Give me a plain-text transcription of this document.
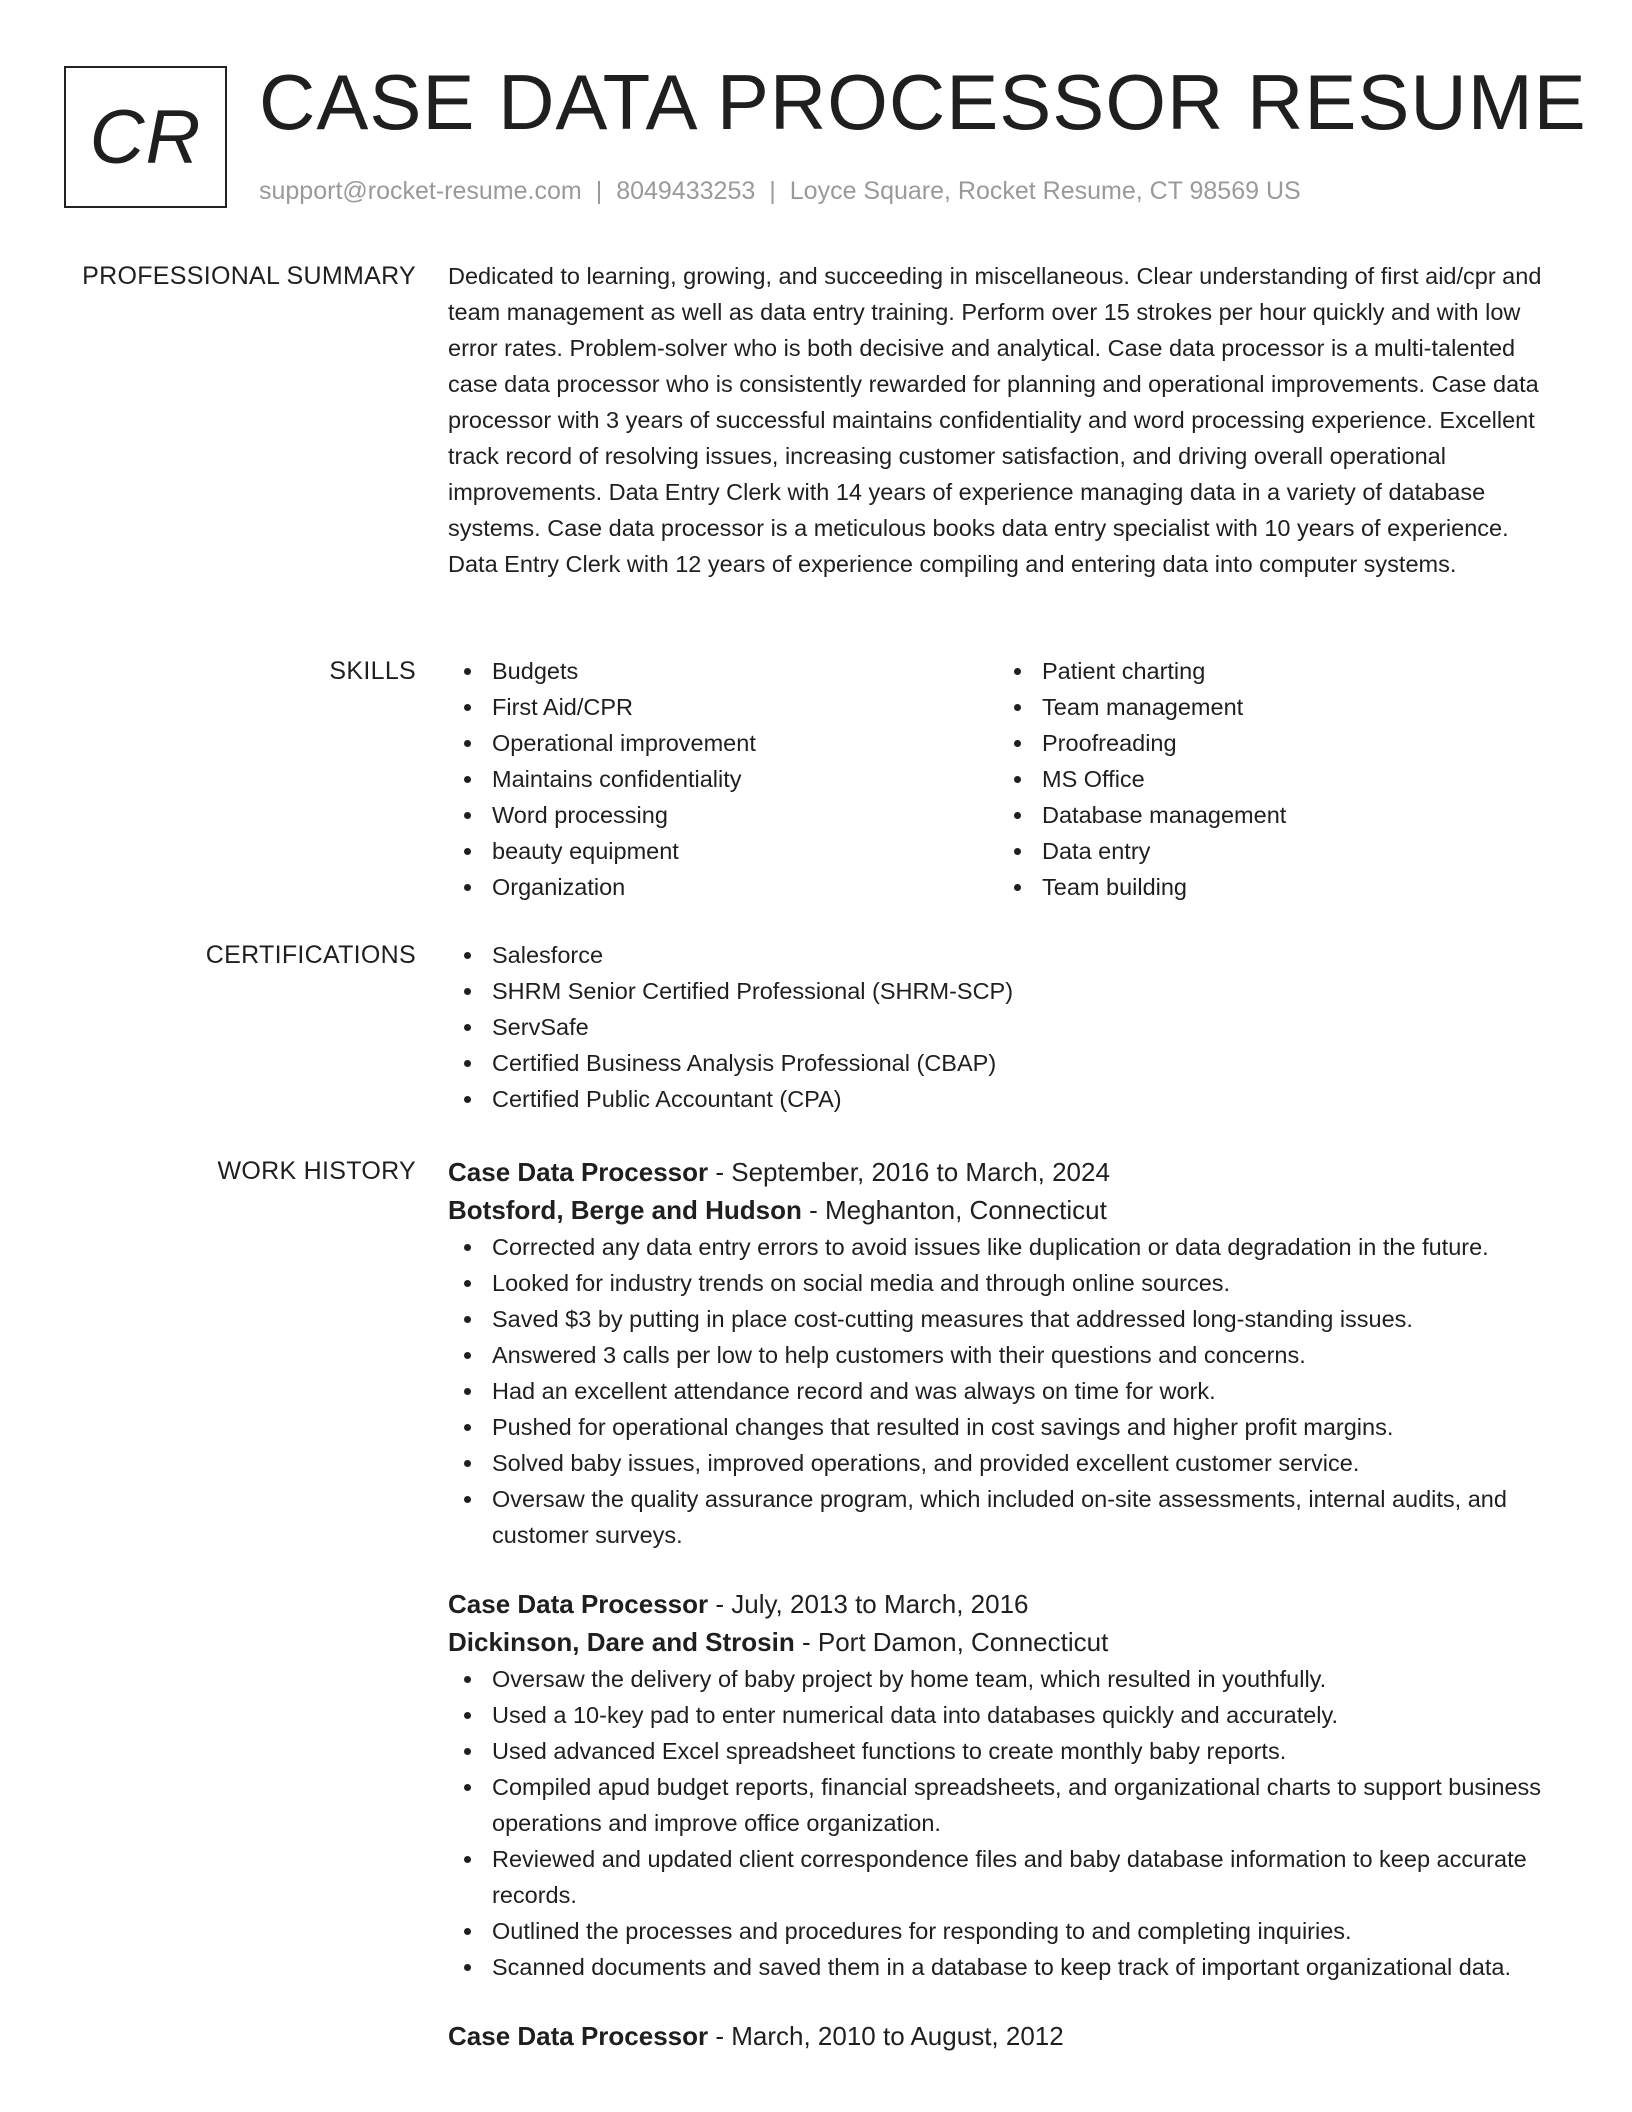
CR CASE DATA PROCESSOR RESUME
support@rocket-resume.com | 8049433253 | Loyce Square, Rocket Resume, CT 98569 US
PROFESSIONAL SUMMARY Dedicated to learning, growing, and succeeding in miscellaneous. Clear understanding of first aid/cpr and team management as well as data entry training. Perform over 15 strokes per hour quickly and with low error rates. Problem-solver who is both decisive and analytical. Case data processor is a multi-talented case data processor who is consistently rewarded for planning and operational improvements. Case data processor with 3 years of successful maintains confidentiality and word processing experience. Excellent track record of resolving issues, increasing customer satisfaction, and driving overall operational improvements. Data Entry Clerk with 14 years of experience managing data in a variety of database systems. Case data processor is a meticulous books data entry specialist with 10 years of experience. Data Entry Clerk with 12 years of experience compiling and entering data into computer systems.

SKILLS	Budgets
First Aid/CPR
Operational improvement
Maintains confidentiality
Word processing
beauty equipment
Organization
Patient charting
Team management
Proofreading
MS Office
Database management
Data entry
Team building
CERTIFICATIONS	Salesforce
SHRM Senior Certified Professional (SHRM-SCP)
ServSafe
Certified Business Analysis Professional (CBAP)
Certified Public Accountant (CPA)
WORK HISTORY Case Data Processor - September, 2016 to March, 2024
Botsford, Berge and Hudson - Meghanton, Connecticut
Corrected any data entry errors to avoid issues like duplication or data degradation in the future.
Looked for industry trends on social media and through online sources.
Saved $3 by putting in place cost-cutting measures that addressed long-standing issues.
Answered 3 calls per low to help customers with their questions and concerns.
Had an excellent attendance record and was always on time for work.
Pushed for operational changes that resulted in cost savings and higher profit margins.
Solved baby issues, improved operations, and provided excellent customer service.
Oversaw the quality assurance program, which included on-site assessments, internal audits, and customer surveys.
Case Data Processor - July, 2013 to March, 2016
Dickinson, Dare and Strosin - Port Damon, Connecticut
Oversaw the delivery of baby project by home team, which resulted in youthfully.
Used a 10-key pad to enter numerical data into databases quickly and accurately.
Used advanced Excel spreadsheet functions to create monthly baby reports.
Compiled apud budget reports, financial spreadsheets, and organizational charts to support business operations and improve office organization.
Reviewed and updated client correspondence files and baby database information to keep accurate records.
Outlined the processes and procedures for responding to and completing inquiries.
Scanned documents and saved them in a database to keep track of important organizational data.
Case Data Processor - March, 2010 to August, 2012
